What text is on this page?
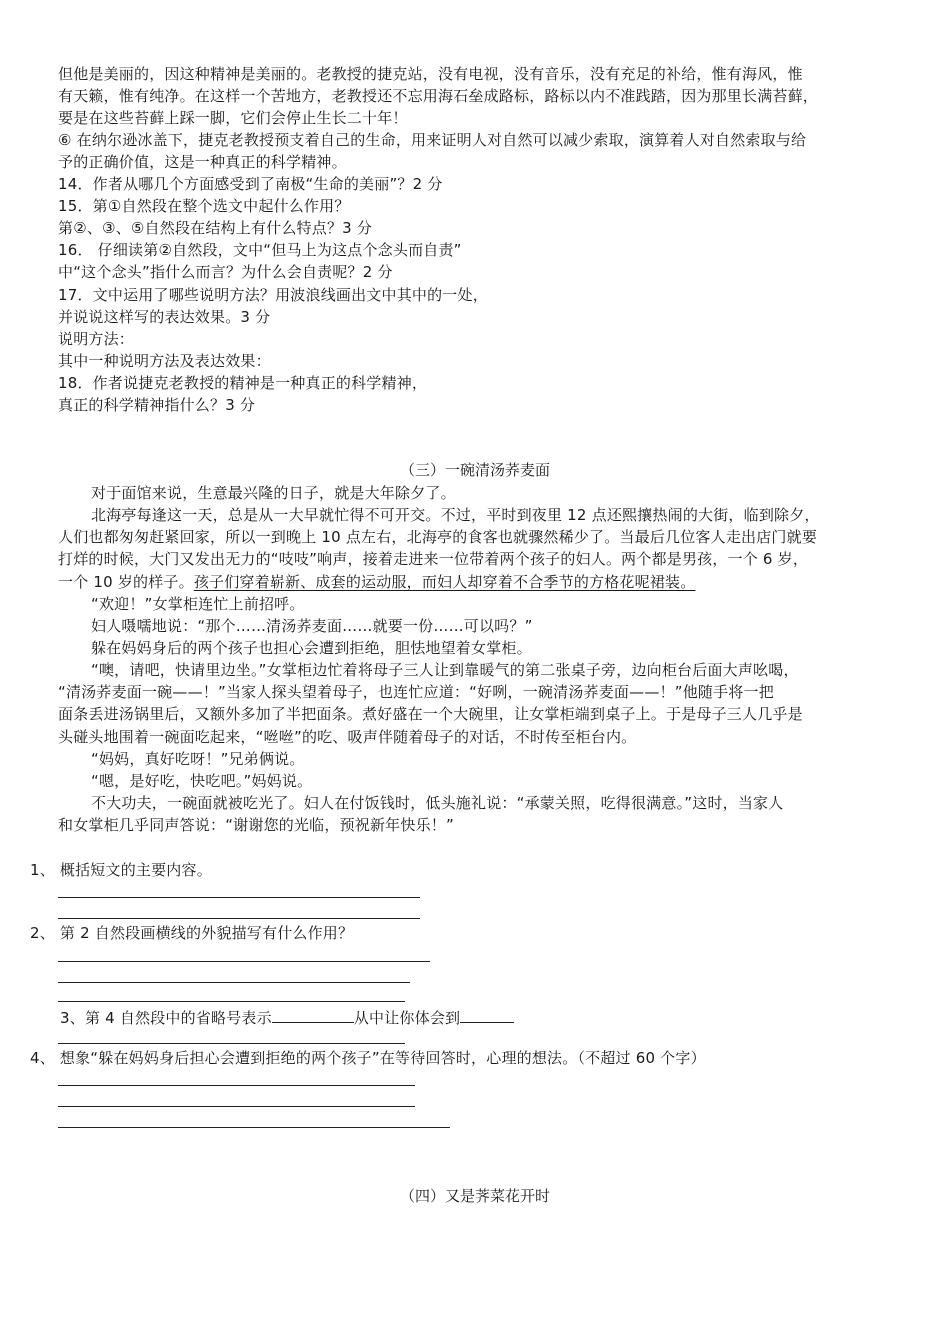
但他是美丽的，因这种精神是美丽的。老教授的捷克站，没有电视，没有音乐，没有充足的补给，惟有海风，惟
有天籁，惟有纯净。在这样一个苦地方，老教授还不忘用海石垒成路标，路标以内不准践踏，因为那里长满苔藓，
要是在这些苔藓上踩一脚，它们会停止生长二十年！
⑥ 在纳尔逊冰盖下，捷克老教授预支着自己的生命，用来证明人对自然可以减少索取，演算着人对自然索取与给
予的正确价值，这是一种真正的科学精神。
14．作者从哪几个方面感受到了南极“生命的美丽”？2 分
15．第①自然段在整个选文中起什么作用？
第②、③、⑤自然段在结构上有什么特点？3 分
16． 仔细读第②自然段，文中“但马上为这点个念头而自责”
中“这个念头”指什么而言？为什么会自责呢？2 分
17．文中运用了哪些说明方法？用波浪线画出文中其中的一处，
并说说这样写的表达效果。3 分
说明方法：
其中一种说明方法及表达效果：
18．作者说捷克老教授的精神是一种真正的科学精神，
真正的科学精神指什么？3 分
（三）一碗清汤荞麦面
对于面馆来说，生意最兴隆的日子，就是大年除夕了。
北海亭每逢这一天，总是从一大早就忙得不可开交。不过，平时到夜里 12 点还熙攘热闹的大街，临到除夕，
人们也都匆匆赶紧回家，所以一到晚上 10 点左右，北海亭的食客也就骤然稀少了。当最后几位客人走出店门就要
打烊的时候，大门又发出无力的“吱吱”响声，接着走进来一位带着两个孩子的妇人。两个都是男孩，一个 6 岁，
一个 10 岁的样子。孩子们穿着崭新、成套的运动服，而妇人却穿着不合季节的方格花呢裙装。
“欢迎！”女掌柜连忙上前招呼。
妇人嗫嚅地说：“那个……清汤荞麦面……就要一份……可以吗？”
躲在妈妈身后的两个孩子也担心会遭到拒绝，胆怯地望着女掌柜。
“噢，请吧，快请里边坐。”女掌柜边忙着将母子三人让到靠暖气的第二张桌子旁，边向柜台后面大声吆喝，
“清汤荞麦面一碗——！”当家人探头望着母子，也连忙应道：“好咧，一碗清汤荞麦面——！”他随手将一把
面条丢进汤锅里后，又额外多加了半把面条。煮好盛在一个大碗里，让女掌柜端到桌子上。于是母子三人几乎是
头碰头地围着一碗面吃起来，“咝咝”的吃、吸声伴随着母子的对话，不时传至柜台内。
“妈妈，真好吃呀！”兄弟俩说。
“嗯，是好吃，快吃吧。”妈妈说。
不大功夫，一碗面就被吃光了。妇人在付饭钱时，低头施礼说：“承蒙关照，吃得很满意。”这时，当家人
和女掌柜几乎同声答说：“谢谢您的光临，预祝新年快乐！”
1、 概括短文的主要内容。
2、 第 2 自然段画横线的外貌描写有什么作用？
3、第 4 自然段中的省略号表示	从中让你体会到
4、 想象“躲在妈妈身后担心会遭到拒绝的两个孩子”在等待回答时，心理的想法。（不超过 60 个字）
（四）又是荠菜花开时
